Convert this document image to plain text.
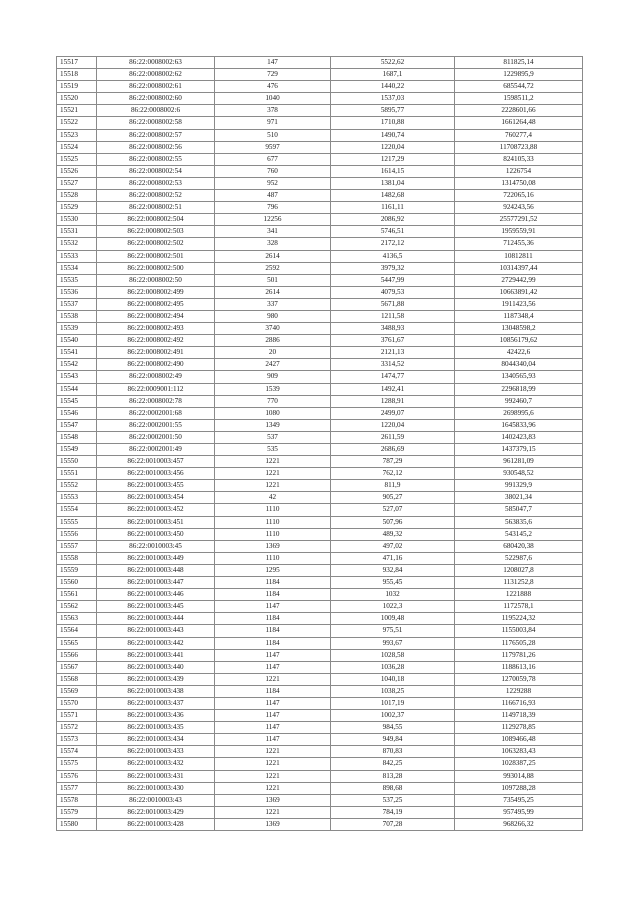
15517	86:22:0008002:63	147	5522,62	811825,14
15518	86:22:0008002:62	729	1687,1	1229895,9
15519	86:22:0008002:61	476	1440,22	685544,72
15520	86:22:0008002:60	1040	1537,03	1598511,2
15521	86:22:0008002:6	378	5895,77	2228601,66
15522	86:22:0008002:58	971	1710,88	1661264,48
15523	86:22:0008002:57	510	1490,74	760277,4
15524	86:22:0008002:56	9597	1220,04	11708723,88
15525	86:22:0008002:55	677	1217,29	824105,33
15526	86:22:0008002:54	760	1614,15	1226754
15527	86:22:0008002:53	952	1381,04	1314750,08
15528	86:22:0008002:52	487	1482,68	722065,16
15529	86:22:0008002:51	796	1161,11	924243,56
15530	86:22:0008002:504	12256	2086,92	25577291,52
15531	86:22:0008002:503	341	5746,51	1959559,91
15532	86:22:0008002:502	328	2172,12	712455,36
15533	86:22:0008002:501	2614	4136,5	10812811
15534	86:22:0008002:500	2592	3979,32	10314397,44
15535	86:22:0008002:50	501	5447,99	2729442,99
15536	86:22:0008002:499	2614	4079,53	10663891,42
15537	86:22:0008002:495	337	5671,88	1911423,56
15538	86:22:0008002:494	980	1211,58	1187348,4
15539	86:22:0008002:493	3740	3488,93	13048598,2
15540	86:22:0008002:492	2886	3761,67	10856179,62
15541	86:22:0008002:491	20	2121,13	42422,6
15542	86:22:0008002:490	2427	3314,52	8044340,04
15543	86:22:0008002:49	909	1474,77	1340565,93
15544	86:22:0009001:112	1539	1492,41	2296818,99
15545	86:22:0008002:78	770	1288,91	992460,7
15546	86:22:0002001:68	1080	2499,07	2698995,6
15547	86:22:0002001:55	1349	1220,04	1645833,96
15548	86:22:0002001:50	537	2611,59	1402423,83
15549	86:22:0002001:49	535	2686,69	1437379,15
15550	86:22:0010003:457	1221	787,29	961281,09
15551	86:22:0010003:456	1221	762,12	930548,52
15552	86:22:0010003:455	1221	811,9	991329,9
15553	86:22:0010003:454	42	905,27	38021,34
15554	86:22:0010003:452	1110	527,07	585047,7
15555	86:22:0010003:451	1110	507,96	563835,6
15556	86:22:0010003:450	1110	489,32	543145,2
15557	86:22:0010003:45	1369	497,02	680420,38
15558	86:22:0010003:449	1110	471,16	522987,6
15559	86:22:0010003:448	1295	932,84	1208027,8
15560	86:22:0010003:447	1184	955,45	1131252,8
15561	86:22:0010003:446	1184	1032	1221888
15562	86:22:0010003:445	1147	1022,3	1172578,1
15563	86:22:0010003:444	1184	1009,48	1195224,32
15564	86:22:0010003:443	1184	975,51	1155003,84
15565	86:22:0010003:442	1184	993,67	1176505,28
15566	86:22:0010003:441	1147	1028,58	1179781,26
15567	86:22:0010003:440	1147	1036,28	1188613,16
15568	86:22:0010003:439	1221	1040,18	1270059,78
15569	86:22:0010003:438	1184	1038,25	1229288
15570	86:22:0010003:437	1147	1017,19	1166716,93
15571	86:22:0010003:436	1147	1002,37	1149718,39
15572	86:22:0010003:435	1147	984,55	1129278,85
15573	86:22:0010003:434	1147	949,84	1089466,48
15574	86:22:0010003:433	1221	870,83	1063283,43
15575	86:22:0010003:432	1221	842,25	1028387,25
15576	86:22:0010003:431	1221	813,28	993014,88
15577	86:22:0010003:430	1221	898,68	1097288,28
15578	86:22:0010003:43	1369	537,25	735495,25
15579	86:22:0010003:429	1221	784,19	957495,99
15580	86:22:0010003:428	1369	707,28	968266,32
